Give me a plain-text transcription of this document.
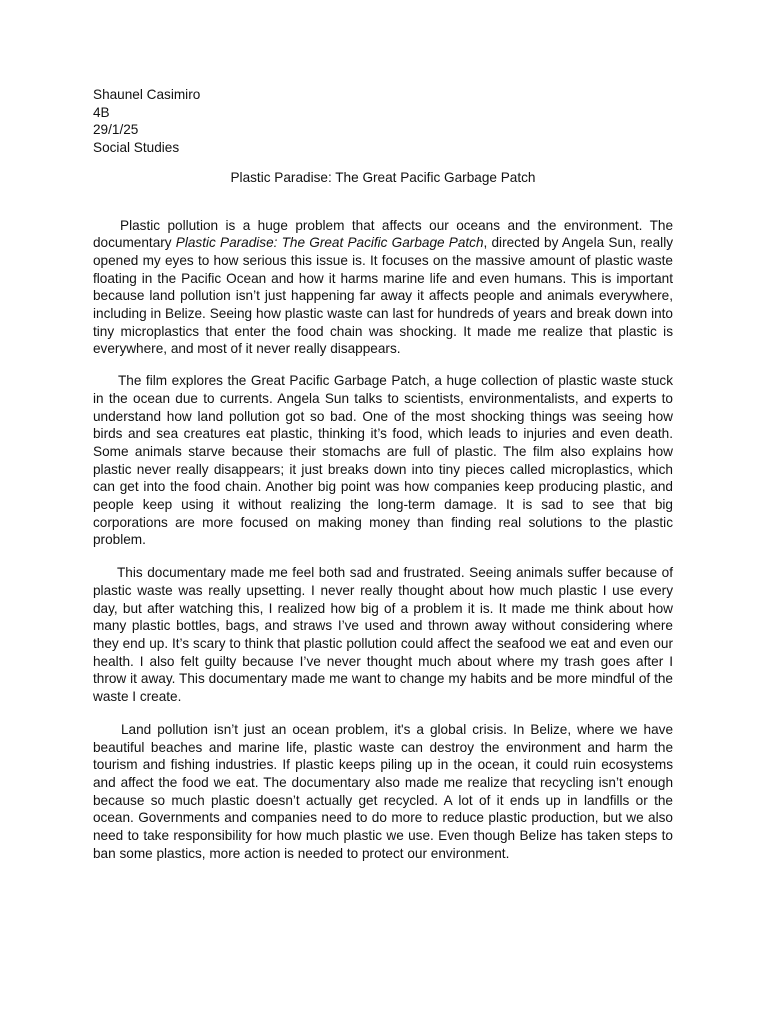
Shaunel Casimiro
4B
29/1/25
Social Studies

Plastic Paradise: The Great Pacific Garbage Patch

Plastic pollution is a huge problem that affects our oceans and the environment. The documentary Plastic Paradise: The Great Pacific Garbage Patch, directed by Angela Sun, really opened my eyes to how serious this issue is. It focuses on the massive amount of plastic waste floating in the Pacific Ocean and how it harms marine life and even humans. This is important because land pollution isn’t just happening far away it affects people and animals everywhere, including in Belize. Seeing how plastic waste can last for hundreds of years and break down into tiny microplastics that enter the food chain was shocking. It made me realize that plastic is everywhere, and most of it never really disappears.

The film explores the Great Pacific Garbage Patch, a huge collection of plastic waste stuck in the ocean due to currents. Angela Sun talks to scientists, environmentalists, and experts to understand how land pollution got so bad. One of the most shocking things was seeing how birds and sea creatures eat plastic, thinking it’s food, which leads to injuries and even death. Some animals starve because their stomachs are full of plastic. The film also explains how plastic never really disappears; it just breaks down into tiny pieces called microplastics, which can get into the food chain. Another big point was how companies keep producing plastic, and people keep using it without realizing the long-term damage. It is sad to see that big corporations are more focused on making money than finding real solutions to the plastic problem.

This documentary made me feel both sad and frustrated. Seeing animals suffer because of plastic waste was really upsetting. I never really thought about how much plastic I use every day, but after watching this, I realized how big of a problem it is. It made me think about how many plastic bottles, bags, and straws I’ve used and thrown away without considering where they end up. It’s scary to think that plastic pollution could affect the seafood we eat and even our health. I also felt guilty because I’ve never thought much about where my trash goes after I throw it away. This documentary made me want to change my habits and be more mindful of the waste I create.

Land pollution isn’t just an ocean problem, it's a global crisis. In Belize, where we have beautiful beaches and marine life, plastic waste can destroy the environment and harm the tourism and fishing industries. If plastic keeps piling up in the ocean, it could ruin ecosystems and affect the food we eat. The documentary also made me realize that recycling isn’t enough because so much plastic doesn’t actually get recycled. A lot of it ends up in landfills or the ocean. Governments and companies need to do more to reduce plastic production, but we also need to take responsibility for how much plastic we use. Even though Belize has taken steps to ban some plastics, more action is needed to protect our environment.
